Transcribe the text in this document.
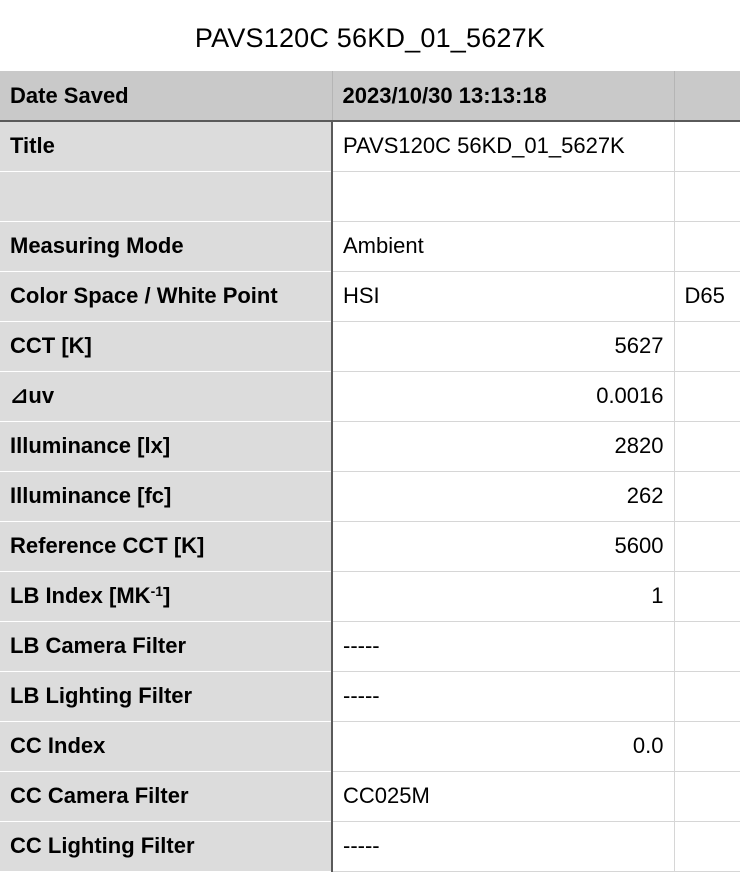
PAVS120C 56KD_01_5627K
Date Saved	2023/10/30 13:13:18	
Title	PAVS120C 56KD_01_5627K	

Measuring Mode	Ambient	
Color Space / White Point	HSI	D65
CCT [K]	5627	
⊿uv	0.0016	
Illuminance [lx]	2820	
Illuminance [fc]	262	
Reference CCT [K]	5600	
LB Index $[MK^{-1}]$	1	
LB Camera Filter	-----	
LB Lighting Filter	-----	
CC Index	0.0	
CC Camera Filter	CC025M	
CC Lighting Filter	-----	
